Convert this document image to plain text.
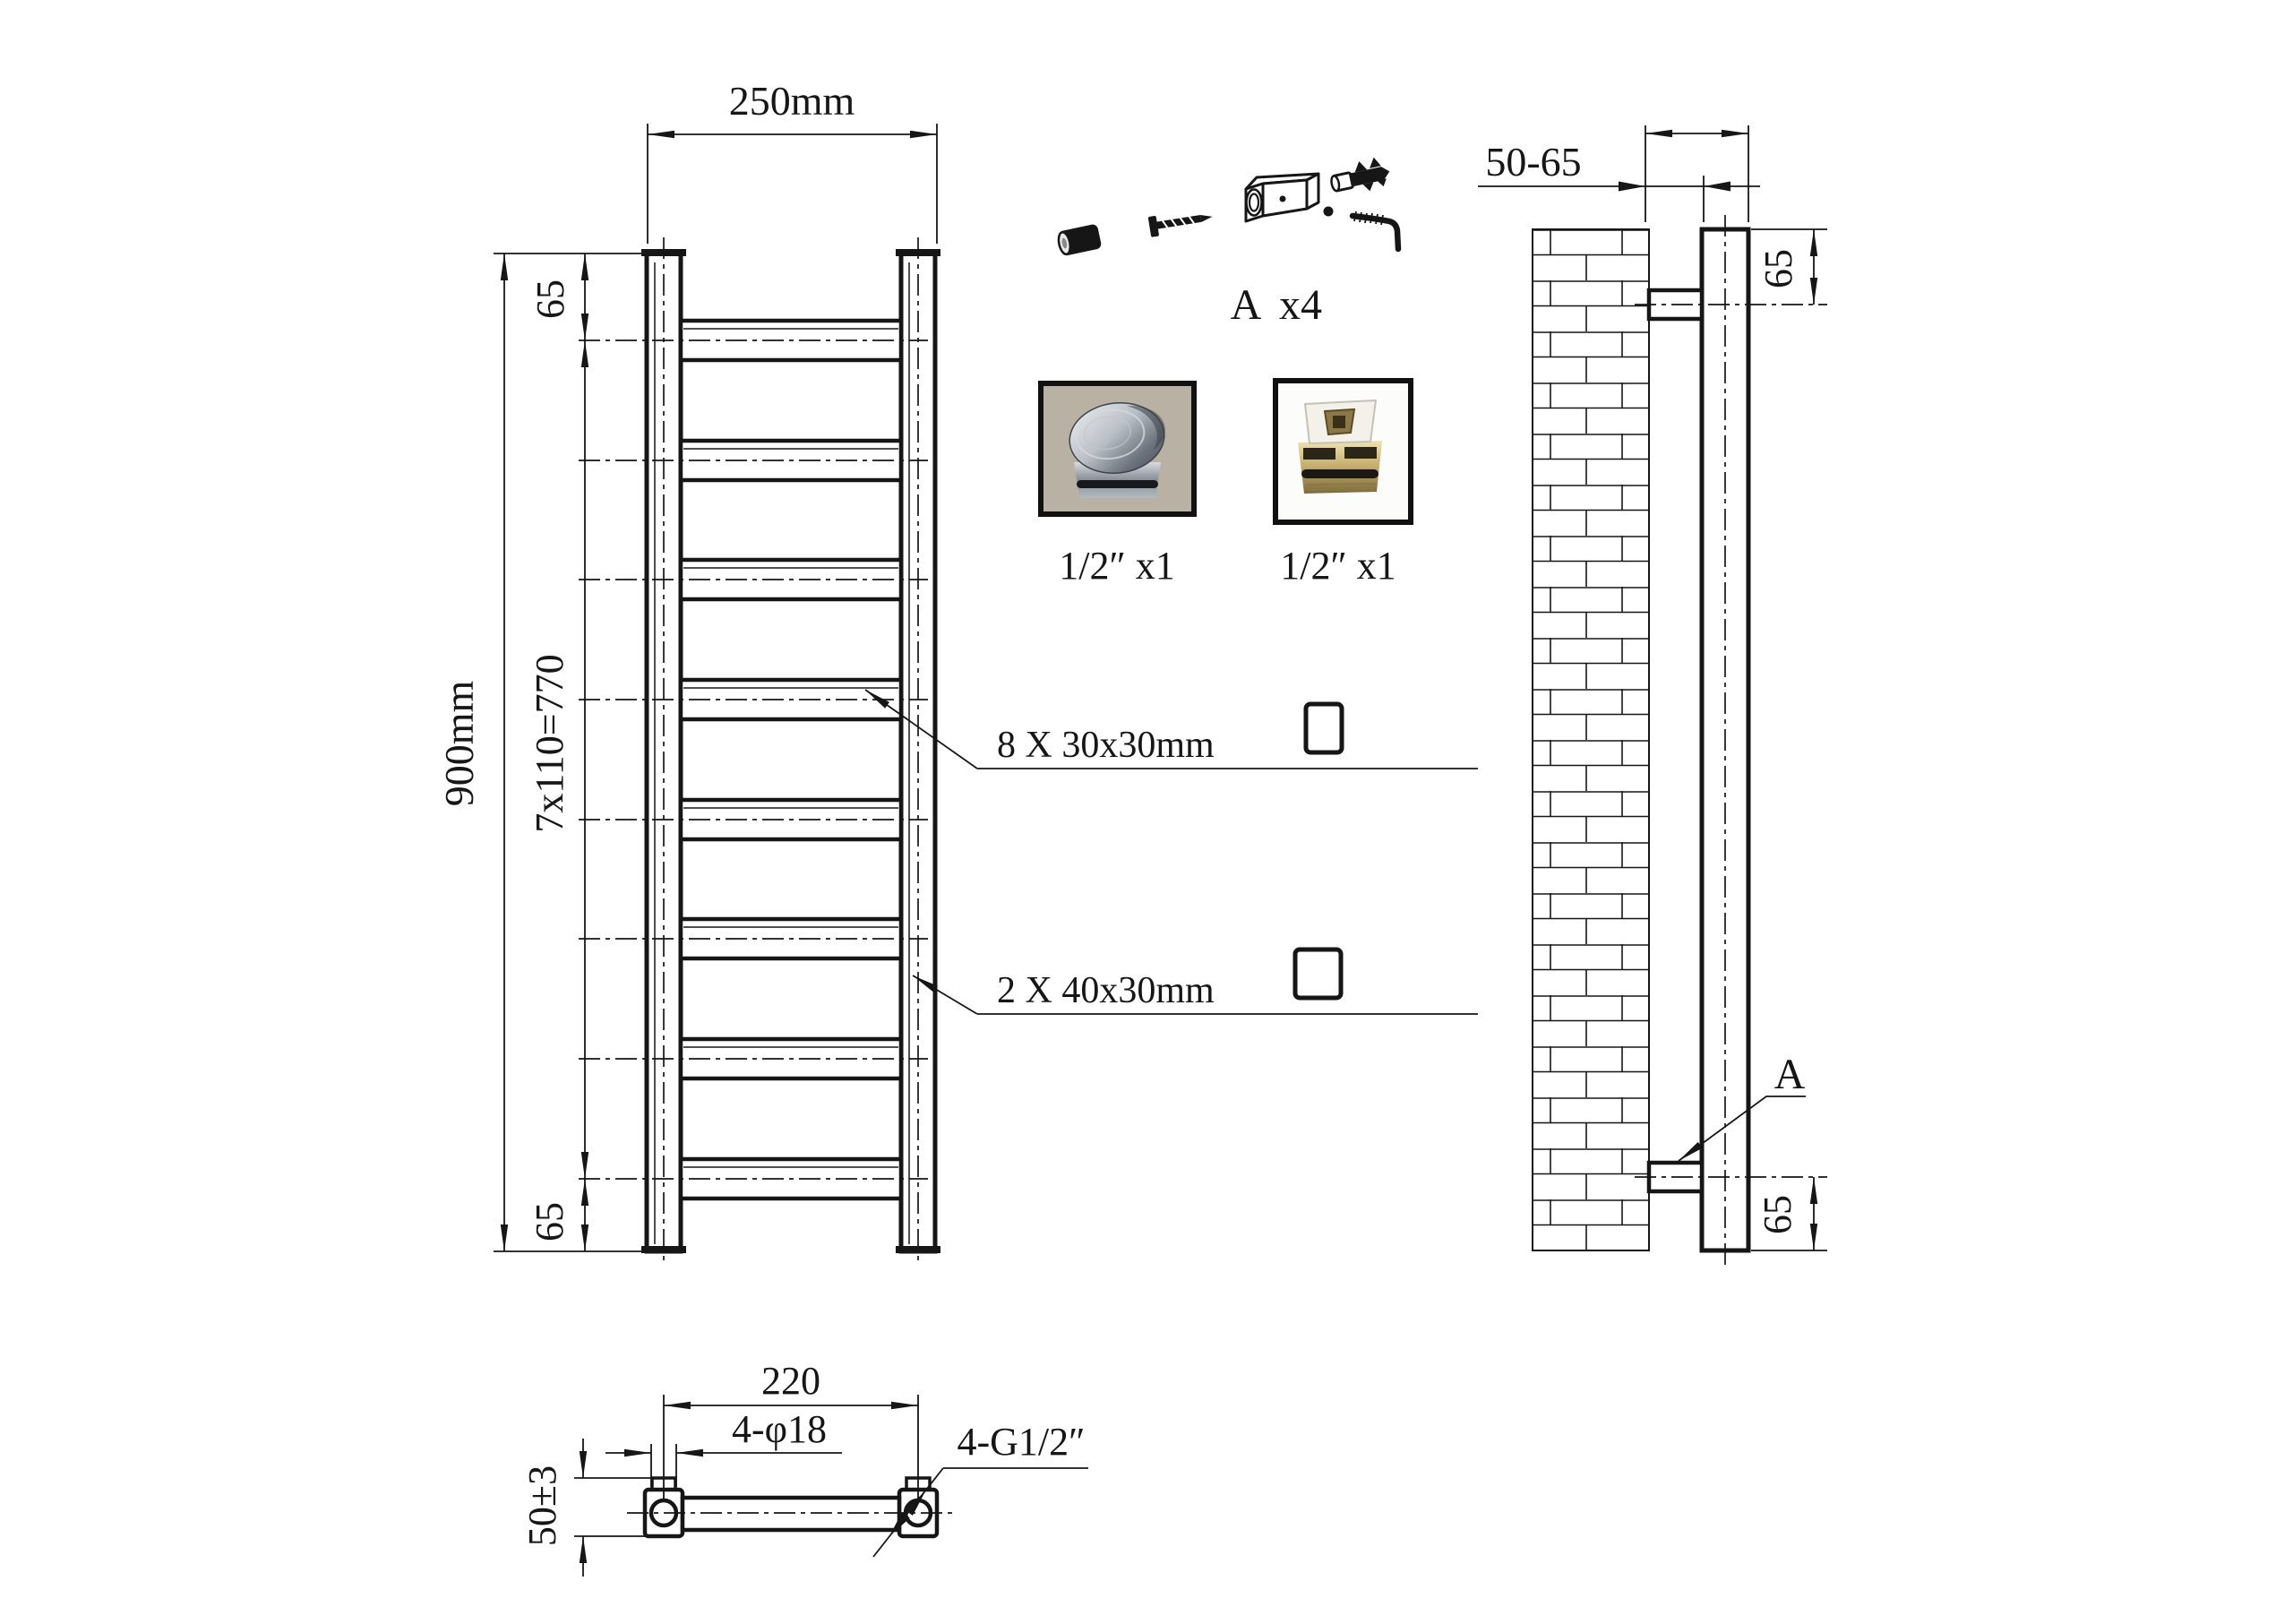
250mm
900mm
65
7x110=770
65
8 X 30x30mm
2 X 40x30mm
50-65
65
65
A
220
4-φ18	4-G1/2″
50±3
A x4
1/2″ x1	1/2″ x1
